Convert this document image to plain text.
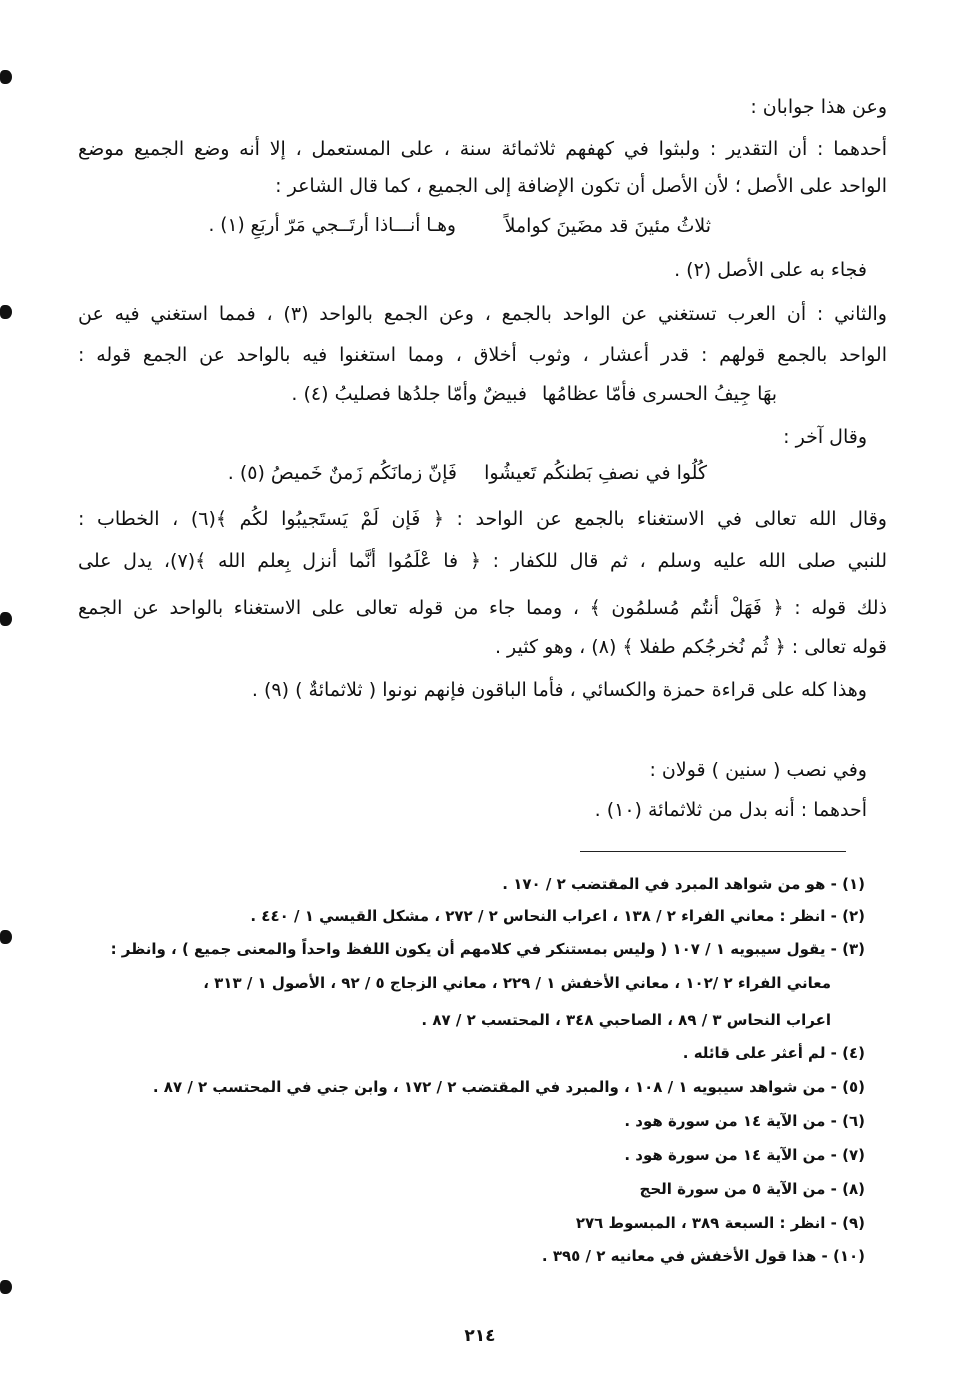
وعن هذا جوابان :
أحدهما : أن التقدير : ولبثوا في كهفهم ثلاثمائة سنة ، على المستعمل ، إلا أنه وضع الجميع موضع
الواحد على الأصل ؛ لأن الأصل أن تكون الإضافة إلى الجميع ، كما قال الشاعر :
ثلاثُ مئينَ قد مضَينَ كواملاً
وهـا أنـــاذا أرتَــجي مَرّ أربَعِ (١) .
فجاء به على الأصل (٢) .
والثاني : أن العرب تستغني عن الواحد بالجمع ، وعن الجمع بالواحد (٣) ، فمما استغني فيه عن
الواحد بالجمع قولهم : قدر أعشار ، وثوب أخلاق ، ومما استغنوا فيه بالواحد عن الجمع قوله :
بهَا جِيفُ الحسرى فأمّا عظامُها
فبيضٌ وأمّا جلدُها فصليبُ (٤) .
وقال آخر :
كُلُوا في نصفِ بَطنكُم تَعيشُوا
فَإنّ زمانَكُم زَمنٌ خَميصُ (٥) .
وقال الله تعالى في الاستغناء بالجمع عن الواحد : ﴿ فَإن لَمْ يَستَجيبُوا لكُم ﴾(٦) ، الخطاب :
للنبي صلى الله عليه وسلم ، ثم قال للكفار : ﴿ فا عْلَمُوا أنَّما أنزل بِعلم الله ﴾(٧)، يدل على
ذلك قوله : ﴿ فَهَلْ أنتُم مُسلمُون ﴾ ، ومما جاء من قوله تعالى على الاستغناء بالواحد عن الجمع
قوله تعالى : ﴿ ثُم نُخرجُكم طفلا ﴾ (٨) ، وهو كثير .
وهذا كله على قراءة حمزة والكسائي ، فأما الباقون فإنهم نونوا ( ثلاثمائةٌ ) (٩) .
وفي نصب ( سنين ) قولان :
أحدهما : أنه بدل من ثلاثمائة (١٠) .
(١) - هو من شواهد المبرد في المقتضب ٢ / ١٧٠ .
(٢) - انظر : معاني الفراء ٢ / ١٣٨ ، اعراب النحاس ٢ / ٢٧٢ ، مشكل القيسي ١ / ٤٤٠ .
(٣) - يقول سيبويه ١ / ١٠٧ ( وليس بمستنكر في كلامهم أن يكون اللفظ واحداً والمعنى جميع ) ، وانظر :
معاني الفراء ٢ /١٠٢ ، معاني الأخفش ١ / ٢٢٩ ، معاني الزجاج ٥ / ٩٢ ، الأصول ١ / ٣١٣ ،
اعراب النحاس ٣ / ٨٩ ، الصاحبي ٣٤٨ ، المحتسب ٢ / ٨٧ .
(٤) - لم أعثر على قائله .
(٥) - من شواهد سيبويه ١ / ١٠٨ ، والمبرد في المقتضب ٢ / ١٧٢ ، وابن جني في المحتسب ٢ / ٨٧ .
(٦) - من الآية ١٤ من سورة هود .
(٧) - من الآية ١٤ من سورة هود .
(٨) - من الآية ٥ من سورة الحج
(٩) - انظر : السبعة ٣٨٩ ، المبسوط ٢٧٦
(١٠) - هذا قول الأخفش في معانيه ٢ / ٣٩٥ .
٢١٤
